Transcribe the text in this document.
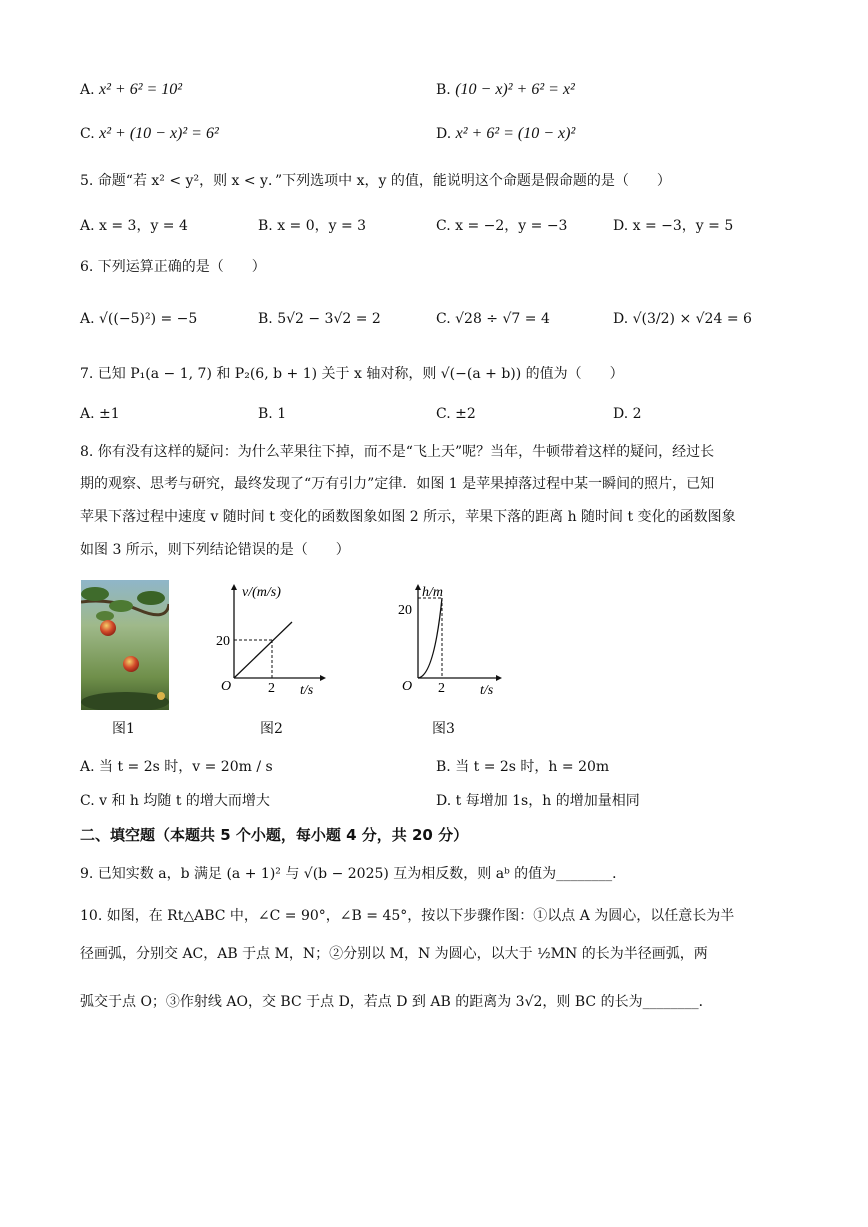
A. x² + 6² = 10²	B. (10 − x)² + 6² = x²
C. x² + (10 − x)² = 6²	D. x² + 6² = (10 − x)²
5. 命题“若 x² < y²，则 x < y．”下列选项中 x，y 的值，能说明这个命题是假命题的是（　　）
A. x = 3，y = 4	B. x = 0，y = 3	C. x = −2，y = −3	D. x = −3，y = 5
6. 下列运算正确的是（　　）
A. √((−5)²) = −5	B. 5√2 − 3√2 = 2	C. √28 ÷ √7 = 4	D. √(3/2) × √24 = 6
7. 已知 P₁(a − 1, 7) 和 P₂(6, b + 1) 关于 x 轴对称，则 √(−(a + b)) 的值为（　　）
A. ±1	B. 1	C. ±2	D. 2
8. 你有没有这样的疑问：为什么苹果往下掉，而不是“飞上天”呢？当年，牛顿带着这样的疑问，经过长
期的观察、思考与研究，最终发现了“万有引力”定律．如图 1 是苹果掉落过程中某一瞬间的照片，已知
苹果下落过程中速度 v 随时间 t 变化的函数图象如图 2 所示，苹果下落的距离 h 随时间 t 变化的函数图象
如图 3 所示，则下列结论错误的是（　　）
图1
v/(m/s)
20
O	2 t/s
图2
h/m
20
O 2	t/s
图3
A. 当 t = 2s 时，v = 20m / s	B. 当 t = 2s 时，h = 20m
C. v 和 h 均随 t 的增大而增大	D. t 每增加 1s，h 的增加量相同
二、填空题（本题共 5 个小题，每小题 4 分，共 20 分）
9. 已知实数 a，b 满足 (a + 1)² 与 √(b − 2025) 互为相反数，则 aᵇ 的值为________．
10. 如图，在 Rt△ABC 中，∠C = 90°，∠B = 45°，按以下步骤作图：①以点 A 为圆心，以任意长为半
径画弧，分别交 AC，AB 于点 M，N；②分别以 M，N 为圆心，以大于 ½MN 的长为半径画弧，两
弧交于点 O；③作射线 AO，交 BC 于点 D，若点 D 到 AB 的距离为 3√2，则 BC 的长为________．
